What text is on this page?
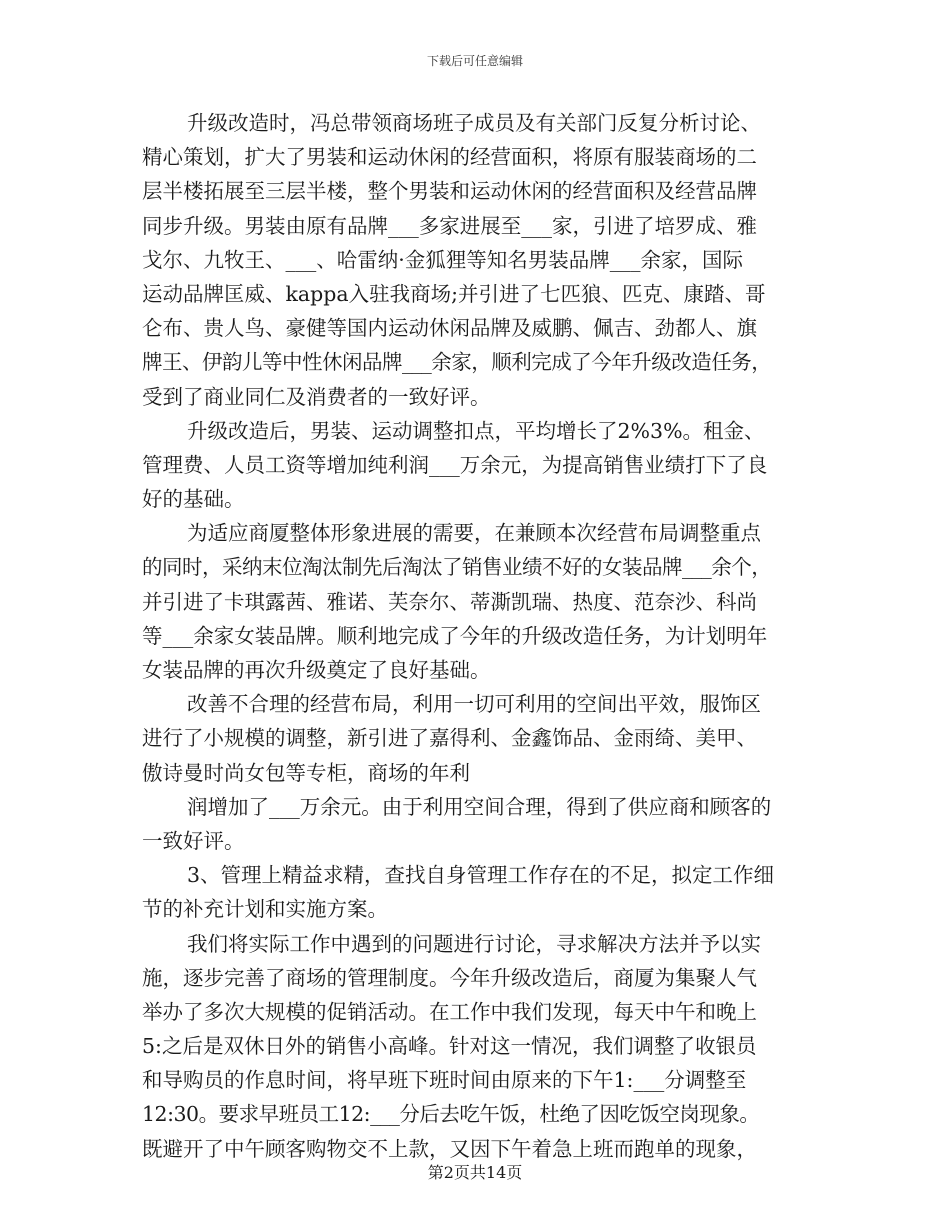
下载后可任意编辑
升级改造时，冯总带领商场班子成员及有关部门反复分析讨论、
精心策划，扩大了男装和运动休闲的经营面积，将原有服装商场的二
层半楼拓展至三层半楼，整个男装和运动休闲的经营面积及经营品牌
同步升级。男装由原有品牌___多家进展至___家，引进了培罗成、雅
戈尔、九牧王、___、哈雷纳·金狐狸等知名男装品牌___余家，国际
运动品牌匡威、kappa入驻我商场;并引进了七匹狼、匹克、康踏、哥
仑布、贵人鸟、豪健等国内运动休闲品牌及威鹏、佩吉、劲都人、旗
牌王、伊韵儿等中性休闲品牌___余家，顺利完成了今年升级改造任务，
受到了商业同仁及消费者的一致好评。
升级改造后，男装、运动调整扣点，平均增长了2%3%。租金、
管理费、人员工资等增加纯利润___万余元，为提高销售业绩打下了良
好的基础。
为适应商厦整体形象进展的需要，在兼顾本次经营布局调整重点
的同时，采纳末位淘汰制先后淘汰了销售业绩不好的女装品牌___余个，
并引进了卡琪露茜、雅诺、芙奈尔、蒂澌凯瑞、热度、范奈沙、科尚
等___余家女装品牌。顺利地完成了今年的升级改造任务，为计划明年
女装品牌的再次升级奠定了良好基础。
改善不合理的经营布局，利用一切可利用的空间出平效，服饰区
进行了小规模的调整，新引进了嘉得利、金鑫饰品、金雨绮、美甲、
傲诗曼时尚女包等专柜，商场的年利
润增加了___万余元。由于利用空间合理，得到了供应商和顾客的
一致好评。
3、管理上精益求精，查找自身管理工作存在的不足，拟定工作细
节的补充计划和实施方案。
我们将实际工作中遇到的问题进行讨论，寻求解决方法并予以实
施，逐步完善了商场的管理制度。今年升级改造后，商厦为集聚人气
举办了多次大规模的促销活动。在工作中我们发现，每天中午和晚上
5:之后是双休日外的销售小高峰。针对这一情况，我们调整了收银员
和导购员的作息时间，将早班下班时间由原来的下午1:___分调整至
12:30。要求早班员工12:___分后去吃午饭，杜绝了因吃饭空岗现象。
既避开了中午顾客购物交不上款，又因下午着急上班而跑单的现象，
第2页共14页
